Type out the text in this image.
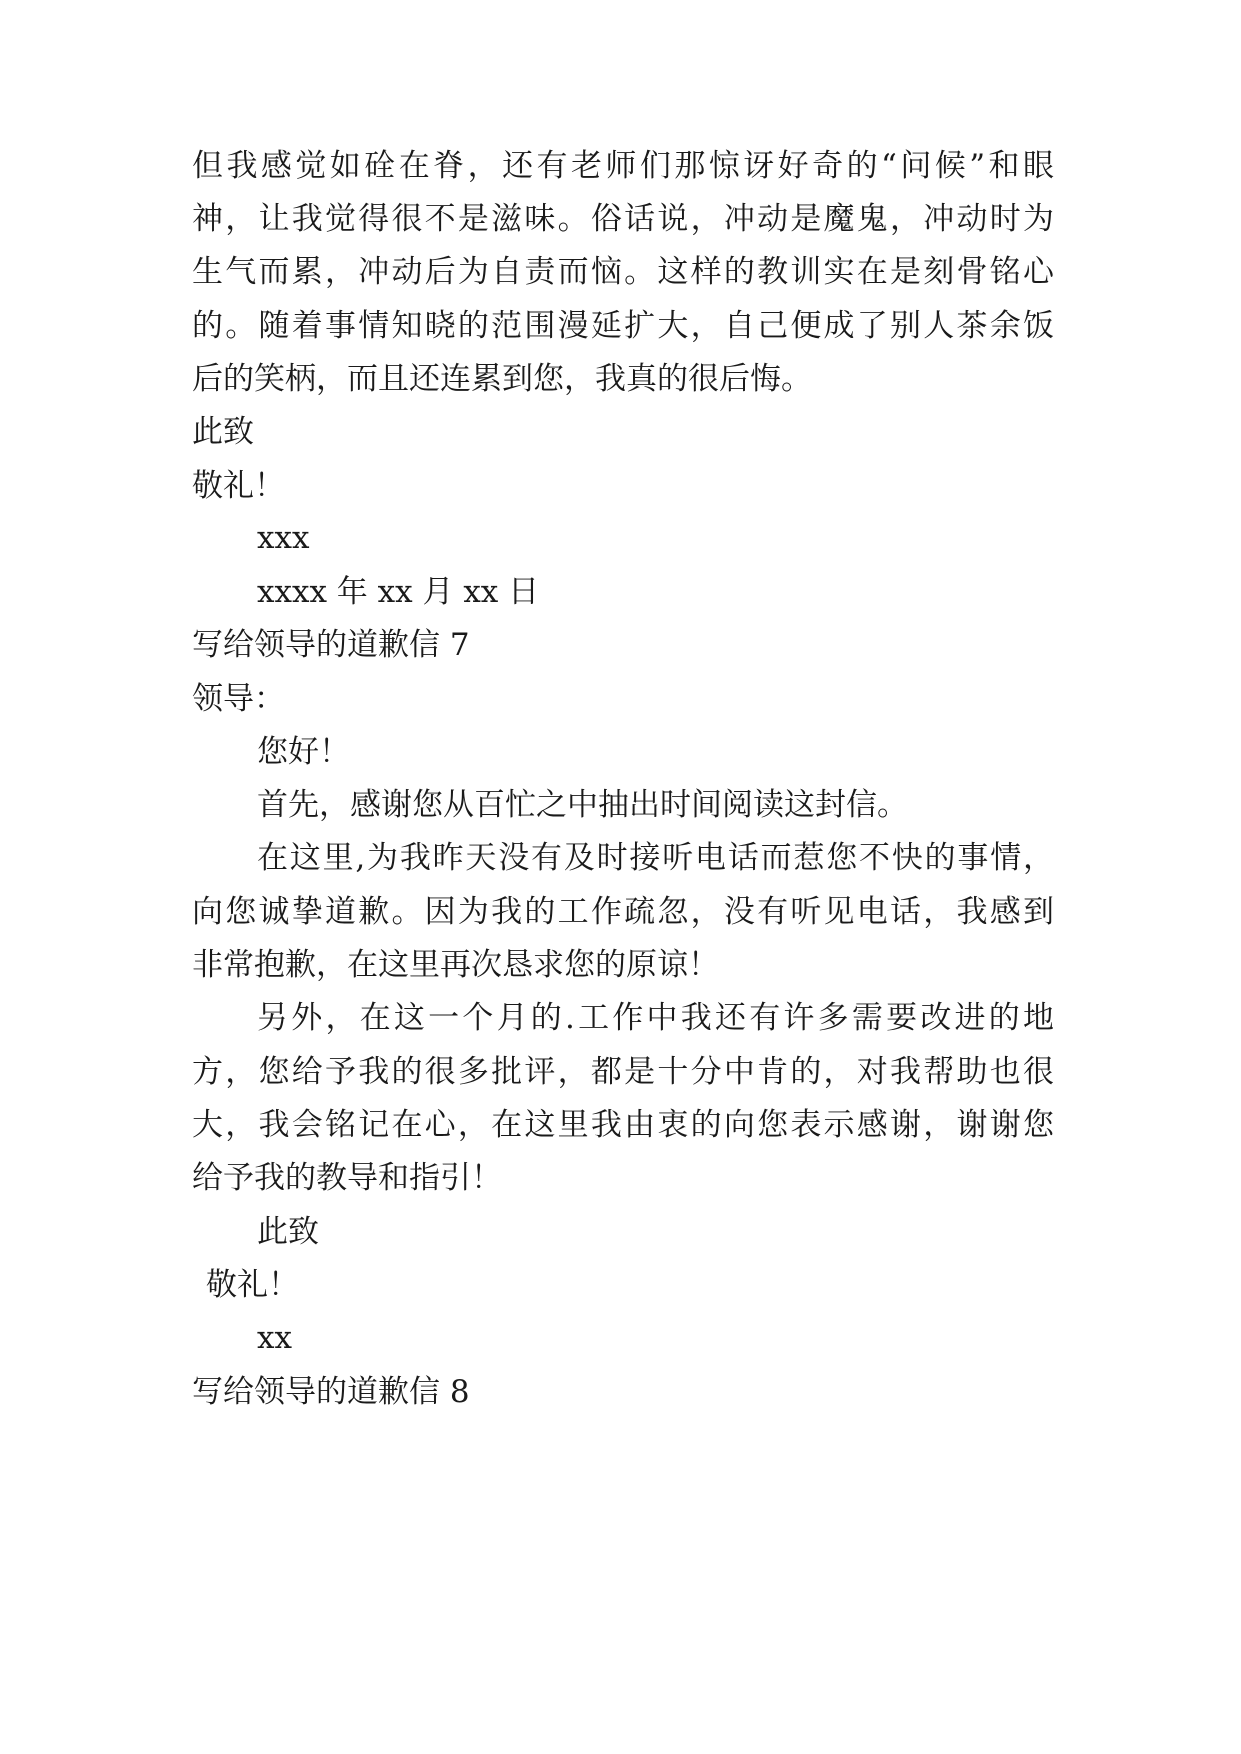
但我感觉如硂在脊，还有老师们那惊讶好奇的“问候”和眼
神，让我觉得很不是滋味。俗话说，冲动是魔鬼，冲动时为
生气而累，冲动后为自责而恼。这样的教训实在是刻骨铭心
的。随着事情知晓的范围漫延扩大，自己便成了别人茶余饭
后的笑柄，而且还连累到您，我真的很后悔。
此致
敬礼！
xxx
xxxx 年 xx 月 xx 日
写给领导的道歉信 7
领导：
您好！
首先，感谢您从百忙之中抽出时间阅读这封信。
在这里,为我昨天没有及时接听电话而惹您不快的事情，
向您诚挚道歉。因为我的工作疏忽，没有听见电话，我感到
非常抱歉，在这里再次恳求您的原谅！
另外，在这一个月的.工作中我还有许多需要改进的地
方，您给予我的很多批评，都是十分中肯的，对我帮助也很
大，我会铭记在心，在这里我由衷的向您表示感谢，谢谢您
给予我的教导和指引！
此致
敬礼！
xx
写给领导的道歉信 8
